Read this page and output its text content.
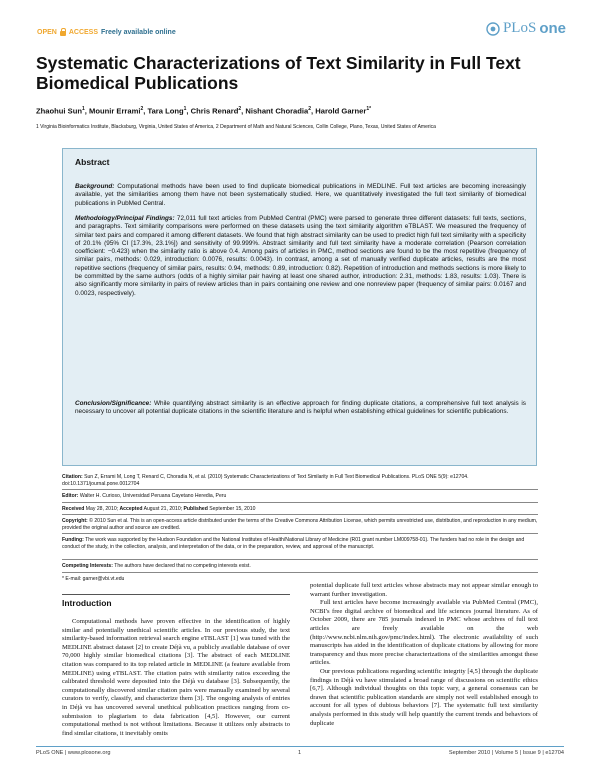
OPEN ACCESS Freely available online	PLoS one
Systematic Characterizations of Text Similarity in Full Text Biomedical Publications
Zhaohui Sun$^1$, Mounir Errami$^2$, Tara Long$^1$, Chris Renard$^2$, Nishant Choradia$^2$, Harold Garner$^{1*}$
1 Virginia Bioinformatics Institute, Blacksburg, Virginia, United States of America, 2 Department of Math and Natural Sciences, Collin College, Plano, Texas, United States of America
Abstract

Background: Computational methods have been used to find duplicate biomedical publications in MEDLINE. Full text articles are becoming increasingly available, yet the similarities among them have not been systematically studied. Here, we quantitatively investigated the full text similarity of biomedical publications in PubMed Central.

Methodology/Principal Findings: 72,011 full text articles from PubMed Central (PMC) were parsed to generate three different datasets: full texts, sections, and paragraphs. Text similarity comparisons were performed on these datasets using the text similarity algorithm eTBLAST. We measured the frequency of similar text pairs and compared it among different datasets. We found that high abstract similarity can be used to predict high full text similarity with a specificity of 20.1% (95% CI [17.3%, 23.1%]) and sensitivity of 99.999%. Abstract similarity and full text similarity have a moderate correlation (Pearson correlation coefficient: −0.423) when the similarity ratio is above 0.4. Among pairs of articles in PMC, method sections are found to be the most repetitive (frequency of similar pairs, methods: 0.029, introduction: 0.0076, results: 0.0043). In contrast, among a set of manually verified duplicate articles, results are the most repetitive sections (frequency of similar pairs, results: 0.94, methods: 0.89, introduction: 0.82). Repetition of introduction and methods sections is more likely to be committed by the same authors (odds of a highly similar pair having at least one shared author, introduction: 2.31, methods: 1.83, results: 1.03). There is also significantly more similarity in pairs of review articles than in pairs containing one review and one nonreview paper (frequency of similar pairs: 0.0167 and 0.0023, respectively).

Conclusion/Significance: While quantifying abstract similarity is an effective approach for finding duplicate citations, a comprehensive full text analysis is necessary to uncover all potential duplicate citations in the scientific literature and is helpful when establishing ethical guidelines for scientific publications.

Citation: Sun Z, Errami M, Long T, Renard C, Choradia N, et al. (2010) Systematic Characterizations of Text Similarity in Full Text Biomedical Publications. PLoS ONE 5(9): e12704. doi:10.1371/journal.pone.0012704

Editor: Walter H. Curioso, Universidad Peruana Cayetano Heredia, Peru

Received May 28, 2010; Accepted August 21, 2010; Published September 15, 2010

Copyright: © 2010 Sun et al. This is an open-access article distributed under the terms of the Creative Commons Attribution License, which permits unrestricted use, distribution, and reproduction in any medium, provided the original author and source are credited.

Funding: The work was supported by the Hudson Foundation and the National Institutes of Health/National Library of Medicine (R01 grant number LM009758-01). The funders had no role in the design and conduct of the study, in the collection, analysis, and interpretation of the data, or in the preparation, review, and approval of the manuscript.

Competing Interests: The authors have declared that no competing interests exist.

* E-mail: garner@vbi.vt.edu

Introduction

Computational methods have proven effective in the identification of highly similar and potentially unethical scientific articles. In our previous study, the text similarity-based information retrieval search engine eTBLAST [1] was tuned with the MEDLINE abstract dataset [2] to create Déjà vu, a publicly available database of over 70,000 highly similar biomedical citations [3]. The abstract of each MEDLINE citation was compared to its top related article in MEDLINE (a feature available from MEDLINE) using eTBLAST. The citation pairs with similarity ratios exceeding the calibrated threshold were deposited into the Déjà vu database [3]. Subsequently, the computationally discovered similar citation pairs were manually examined by several curators to verify, classify, and characterize them [3]. The ongoing analysis of entries in Déjà vu has uncovered several unethical publication practices ranging from co-submission to plagiarism to data fabrication [4,5]. However, our current computational method is not without limitations. Because it utilizes only abstracts to find similar citations, it inevitably omits

potential duplicate full text articles whose abstracts may not appear similar enough to warrant further investigation.

Full text articles have become increasingly available via PubMed Central (PMC), NCBI's free digital archive of biomedical and life sciences journal literature. As of October 2009, there are 785 journals indexed in PMC whose archives of full text articles are freely available on the web (http://www.ncbi.nlm.nih.gov/pmc/index.html). The electronic availability of such manuscripts has aided in the identification of duplicate citations by allowing for more transparency and thus more precise characterizations of the similarities amongst these articles.

Our previous publications regarding scientific integrity [4,5] through the duplicate findings in Déjà vu have stimulated a broad range of discussions on scientific ethics [6,7]. Although individual thoughts on this topic vary, a general consensus can be drawn that scientific publication standards are simply not well established enough to account for all types of dubious behaviors [7]. The systematic full text similarity analysis performed in this study will help quantify the current trends and behaviors of duplicate

PLoS ONE | www.plosone.org	1	September 2010 | Volume 5 | Issue 9 | e12704
